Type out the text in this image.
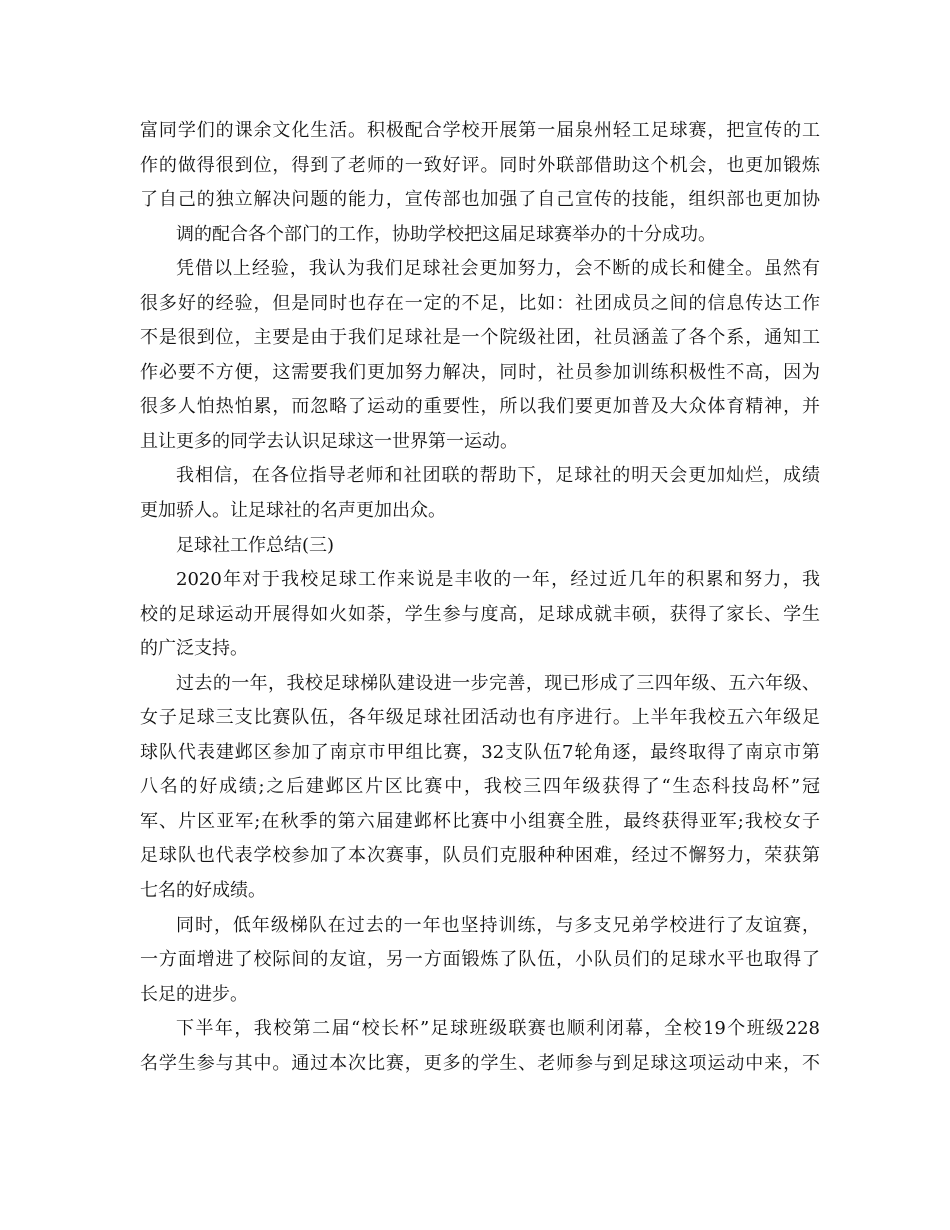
富同学们的课余文化生活。积极配合学校开展第一届泉州轻工足球赛，把宣传的工
作的做得很到位，得到了老师的一致好评。同时外联部借助这个机会，也更加锻炼
了自己的独立解决问题的能力，宣传部也加强了自己宣传的技能，组织部也更加协
调的配合各个部门的工作，协助学校把这届足球赛举办的十分成功。
凭借以上经验，我认为我们足球社会更加努力，会不断的成长和健全。虽然有
很多好的经验，但是同时也存在一定的不足，比如：社团成员之间的信息传达工作
不是很到位，主要是由于我们足球社是一个院级社团，社员涵盖了各个系，通知工
作必要不方便，这需要我们更加努力解决，同时，社员参加训练积极性不高，因为
很多人怕热怕累，而忽略了运动的重要性，所以我们要更加普及大众体育精神，并
且让更多的同学去认识足球这一世界第一运动。
我相信，在各位指导老师和社团联的帮助下，足球社的明天会更加灿烂，成绩
更加骄人。让足球社的名声更加出众。
足球社工作总结(三)
2020年对于我校足球工作来说是丰收的一年，经过近几年的积累和努力，我
校的足球运动开展得如火如荼，学生参与度高，足球成就丰硕，获得了家长、学生
的广泛支持。
过去的一年，我校足球梯队建设进一步完善，现已形成了三四年级、五六年级、
女子足球三支比赛队伍，各年级足球社团活动也有序进行。上半年我校五六年级足
球队代表建邺区参加了南京市甲组比赛，32支队伍7轮角逐，最终取得了南京市第
八名的好成绩;之后建邺区片区比赛中，我校三四年级获得了“生态科技岛杯”冠
军、片区亚军;在秋季的第六届建邺杯比赛中小组赛全胜，最终获得亚军;我校女子
足球队也代表学校参加了本次赛事，队员们克服种种困难，经过不懈努力，荣获第
七名的好成绩。
同时，低年级梯队在过去的一年也坚持训练，与多支兄弟学校进行了友谊赛，
一方面增进了校际间的友谊，另一方面锻炼了队伍，小队员们的足球水平也取得了
长足的进步。
下半年，我校第二届“校长杯”足球班级联赛也顺利闭幕，全校19个班级228
名学生参与其中。通过本次比赛，更多的学生、老师参与到足球这项运动中来，不
